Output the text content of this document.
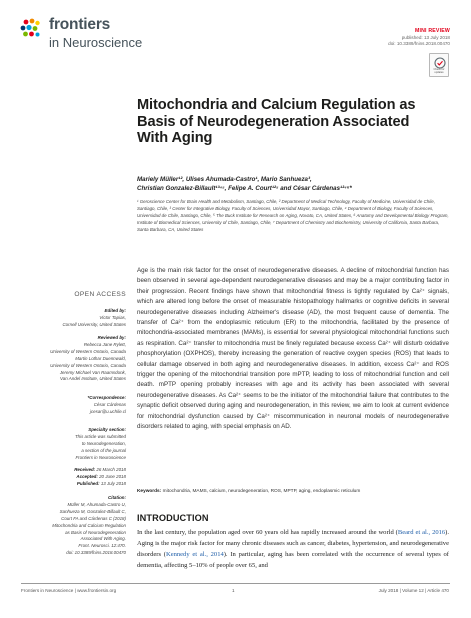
frontiers
in Neuroscience
MINI REVIEW
published: 13 July 2018
doi: 10.3389/fnins.2018.00470
Check for updates
Mitochondria and Calcium Regulation as Basis of Neurodegeneration Associated With Aging
Mariely Müller¹², Ulises Ahumada-Castro¹, Mario Sanhueza³,
Christian Gonzalez-Billault¹³⁴⁵, Felipe A. Court¹²⁵ and César Cárdenas¹²⁴⁶*
¹ Geroscience Center for Brain Health and Metabolism, Santiago, Chile, ² Department of Medical Technology, Faculty of Medicine, Universidad de Chile, Santiago, Chile, ³ Center for Integrative Biology, Faculty of Sciences, Universidad Mayor, Santiago, Chile, ⁴ Department of Biology, Faculty of Sciences, Universidad de Chile, Santiago, Chile, ⁵ The Buck Institute for Research on Aging, Novato, CA, United States, ⁶ Anatomy and Developmental Biology Program, Institute of Biomedical Sciences, University of Chile, Santiago, Chile, ⁷ Department of Chemistry and Biochemistry, University of California, Santa Barbara, Santa Barbara, CA, United States
OPEN ACCESS
Edited by:
Victor Tapias,
Cornell University, United States
Reviewed by:
Rebecca Jane Rylett,
University of Western Ontario, Canada
Martin Lothar Duennwald,
University of Western Ontario, Canada
Jeremy Michael Van Raamsdonk,
Van Andel Institute, United States
*Correspondence:
César Cárdenas
jcesar@u.uchile.cl
Specialty section:
This article was submitted
to Neurodegeneration,
a section of the journal
Frontiers in Neuroscience
Received: 26 March 2018
Accepted: 20 June 2018
Published: 13 July 2018
Citation:
Müller M, Ahumada-Castro U,
Sanhueza M, Gonzalez-Billault C,
Court FA and Cárdenas C (2018)
Mitochondria and Calcium Regulation
as Basis of Neurodegeneration
Associated With Aging.
Front. Neurosci. 12:470.
doi: 10.3389/fnins.2018.00470

Age is the main risk factor for the onset of neurodegenerative diseases. A decline of mitochondrial function has been observed in several age-dependent neurodegenerative diseases and may be a major contributing factor in their progression. Recent findings have shown that mitochondrial fitness is tightly regulated by Ca²⁺ signals, which are altered long before the onset of measurable histopathology hallmarks or cognitive deficits in several neurodegenerative diseases including Alzheimer's disease (AD), the most frequent cause of dementia. The transfer of Ca²⁺ from the endoplasmic reticulum (ER) to the mitochondria, facilitated by the presence of mitochondria-associated membranes (MAMs), is essential for several physiological mitochondrial functions such as respiration. Ca²⁺ transfer to mitochondria must be finely regulated because excess Ca²⁺ will disturb oxidative phosphorylation (OXPHOS), thereby increasing the generation of reactive oxygen species (ROS) that leads to cellular damage observed in both aging and neurodegenerative diseases. In addition, excess Ca²⁺ and ROS trigger the opening of the mitochondrial transition pore mPTP, leading to loss of mitochondrial function and cell death. mPTP opening probably increases with age and its activity has been associated with several neurodegenerative diseases. As Ca²⁺ seems to be the initiator of the mitochondrial failure that contributes to the synaptic deficit observed during aging and neurodegeneration, in this review, we aim to look at current evidence for mitochondrial dysfunction caused by Ca²⁺ miscommunication in neuronal models of neurodegenerative disorders related to aging, with special emphasis on AD.

Keywords: mitochondria, MAMS, calcium, neurodegeneration, ROS, MPTP, aging, endoplasmic reticulum
INTRODUCTION
In the last century, the population aged over 60 years old has rapidly increased around the world (Beard et al., 2016). Aging is the major risk factor for many chronic diseases such as cancer, diabetes, hypertension, and neurodegenerative disorders (Kennedy et al., 2014). In particular, aging has been correlated with the occurrence of several types of dementia, affecting 5–10% of people over 65, and
Frontiers in Neuroscience | www.frontiersin.org	1	July 2018 | Volume 12 | Article 470
